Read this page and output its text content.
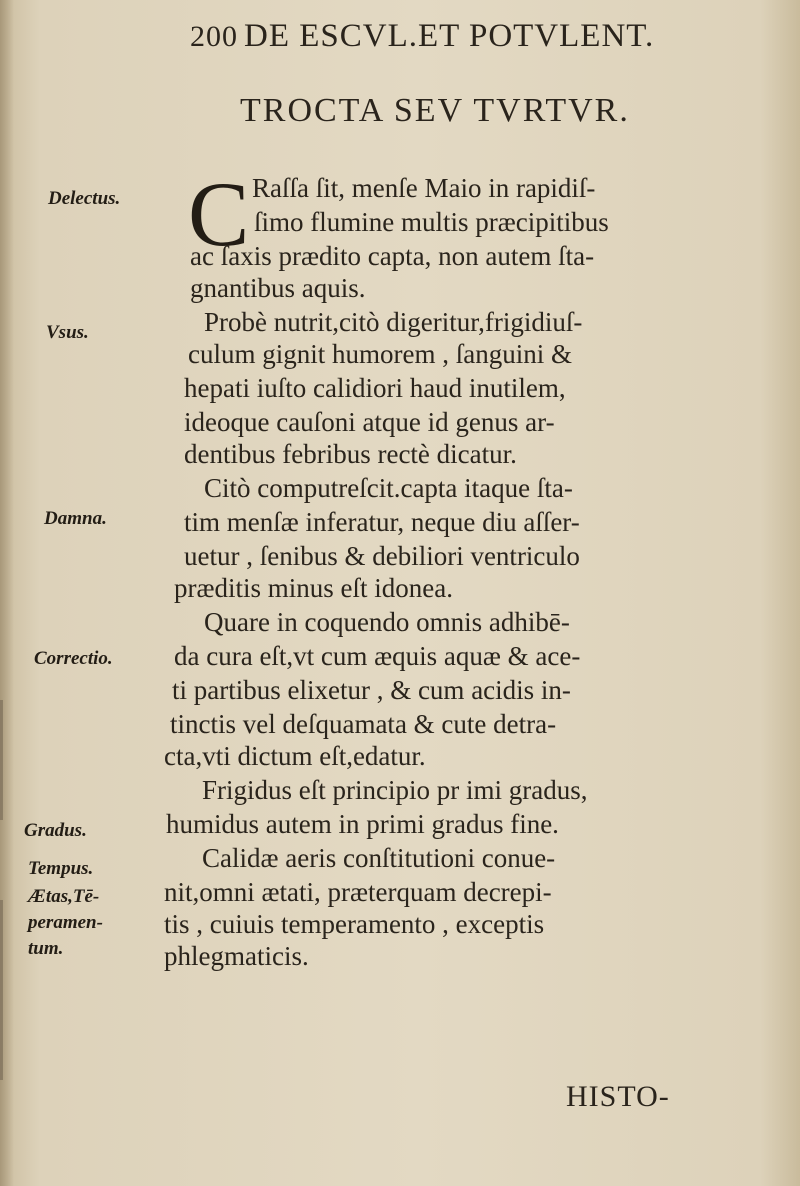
200 DE ESCVL.ET POTVLENT.
TROCTA SEV TVRTVR.
Delectus.
Vsus.
Damna.
Correctio.
Gradus.
Tempus.
Ætas,Tē-
peramen-
tum.
C Raſſa ſit, menſe Maio in rapidiſ-
ſimo flumine multis præcipitibus
ac ſaxis prædito capta, non autem ſta-
gnantibus aquis.
Probè nutrit,citò digeritur,frigidiuſ-
culum gignit humorem , ſanguini &
hepati iuſto calidiori haud inutilem,
ideoque cauſoni atque id genus ar-
dentibus febribus rectè dicatur.
Citò computreſcit.capta itaque ſta-
tim menſæ inferatur, neque diu aſſer-
uetur , ſenibus & debiliori ventriculo
præditis minus eſt idonea.
Quare in coquendo omnis adhibē-
da cura eſt,vt cum æquis aquæ & ace-
ti partibus elixetur , & cum acidis in-
tinctis vel deſquamata & cute detra-
cta,vti dictum eſt,edatur.
Frigidus eſt principio pr imi gradus,
humidus autem in primi gradus fine.
Calidæ aeris conſtitutioni conue-
nit,omni ætati, præterquam decrepi-
tis , cuiuis temperamento , exceptis
phlegmaticis.
HISTO-
